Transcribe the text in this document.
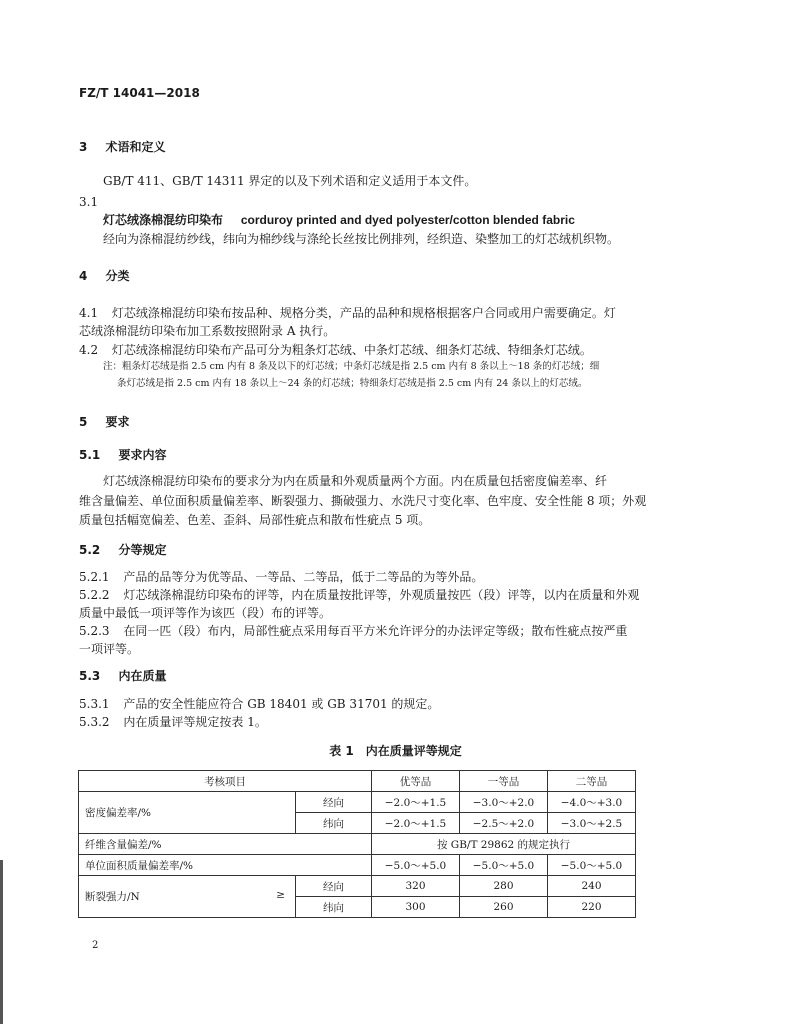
FZ/T 14041—2018
3 术语和定义
GB/T 411、GB/T 14311 界定的以及下列术语和定义适用于本文件。
3.1
灯芯绒涤棉混纺印染布 corduroy printed and dyed polyester/cotton blended fabric
经向为涤棉混纺纱线，纬向为棉纱线与涤纶长丝按比例排列，经织造、染整加工的灯芯绒机织物。
4 分类
4.1 灯芯绒涤棉混纺印染布按品种、规格分类，产品的品种和规格根据客户合同或用户需要确定。灯
芯绒涤棉混纺印染布加工系数按照附录 A 执行。
4.2 灯芯绒涤棉混纺印染布产品可分为粗条灯芯绒、中条灯芯绒、细条灯芯绒、特细条灯芯绒。
注：粗条灯芯绒是指 2.5 cm 内有 8 条及以下的灯芯绒；中条灯芯绒是指 2.5 cm 内有 8 条以上～18 条的灯芯绒；细
条灯芯绒是指 2.5 cm 内有 18 条以上～24 条的灯芯绒；特细条灯芯绒是指 2.5 cm 内有 24 条以上的灯芯绒。
5 要求
5.1 要求内容
灯芯绒涤棉混纺印染布的要求分为内在质量和外观质量两个方面。内在质量包括密度偏差率、纤
维含量偏差、单位面积质量偏差率、断裂强力、撕破强力、水洗尺寸变化率、色牢度、安全性能 8 项；外观
质量包括幅宽偏差、色差、歪斜、局部性疵点和散布性疵点 5 项。
5.2 分等规定
5.2.1 产品的品等分为优等品、一等品、二等品，低于二等品的为等外品。
5.2.2 灯芯绒涤棉混纺印染布的评等，内在质量按批评等，外观质量按匹（段）评等，以内在质量和外观
质量中最低一项评等作为该匹（段）布的评等。
5.2.3 在同一匹（段）布内，局部性疵点采用每百平方米允许评分的办法评定等级；散布性疵点按严重
一项评等。
5.3 内在质量
5.3.1 产品的安全性能应符合 GB 18401 或 GB 31701 的规定。
5.3.2 内在质量评等规定按表 1。
表 1　内在质量评等规定
考核项目		优等品	一等品	二等品
密度偏差率/%	经向	−2.0～+1.5	−3.0～+2.0	−4.0～+3.0
	纬向	−2.0～+1.5	−2.5～+2.0	−3.0～+2.5
纤维含量偏差/%		按 GB/T 29862 的规定执行		
单位面积质量偏差率/%		−5.0～+5.0	−5.0～+5.0	−5.0～+5.0
断裂强力/N ≥	经向	320	280	240
	纬向	300	260	220
2
